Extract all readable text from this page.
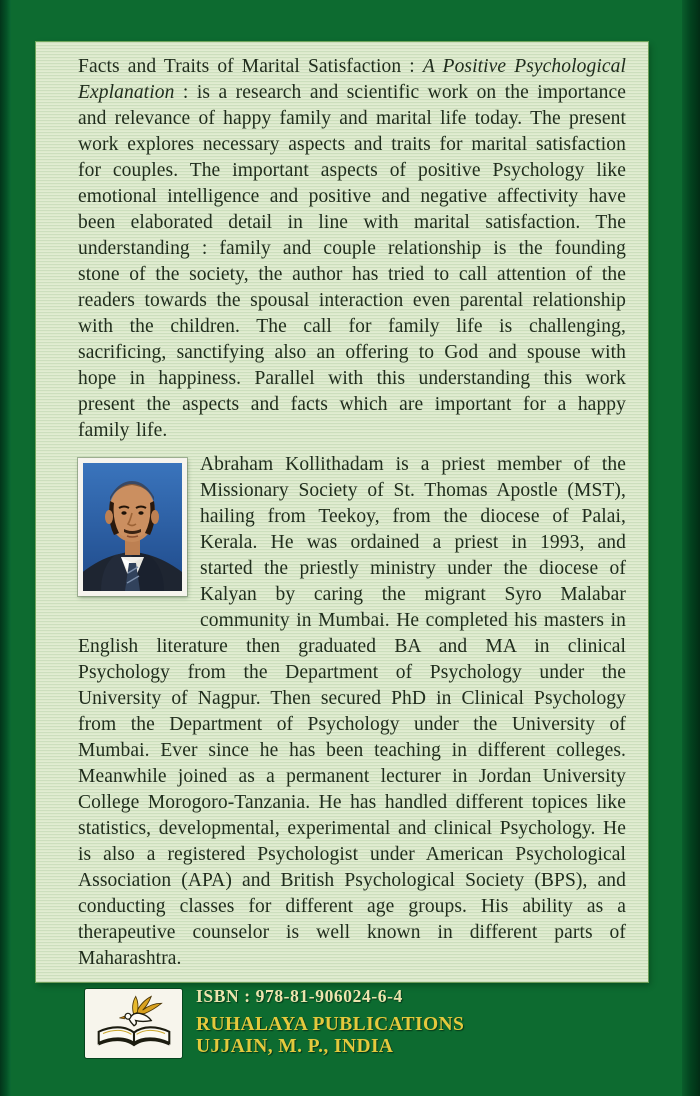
Facts and Traits of Marital Satisfaction : A Positive Psychological Explanation : is a research and scientific work on the importance and relevance of happy family and marital life today. The present work explores necessary aspects and traits for marital satisfaction for couples. The important aspects of positive Psychology like emotional intelligence and positive and negative affectivity have been elaborated detail in line with marital satisfaction. The understanding : family and couple relationship is the founding stone of the society, the author has tried to call attention of the readers towards the spousal interaction even parental relationship with the children. The call for family life is challenging, sacrificing, sanctifying also an offering to God and spouse with hope in happiness. Parallel with this understanding this work present the aspects and facts which are important for a happy family life.

Abraham Kollithadam is a priest member of the Missionary Society of St. Thomas Apostle (MST), hailing from Teekoy, from the diocese of Palai, Kerala. He was ordained a priest in 1993, and started the priestly ministry under the diocese of Kalyan by caring the migrant Syro Malabar community in Mumbai. He completed his masters in English literature then graduated BA and MA in clinical Psychology from the Department of Psychology under the University of Nagpur. Then secured PhD in Clinical Psychology from the Department of Psychology under the University of Mumbai. Ever since he has been teaching in different colleges. Meanwhile joined as a permanent lecturer in Jordan University College Morogoro-Tanzania. He has handled different topices like statistics, developmental, experimental and clinical Psychology. He is also a registered Psychologist under American Psychological Association (APA) and British Psychological Society (BPS), and conducting classes for different age groups. His ability as a therapeutive counselor is well known in different parts of Maharashtra.

ISBN : 978-81-906024-6-4
RUHALAYA PUBLICATIONS
UJJAIN, M. P., INDIA
